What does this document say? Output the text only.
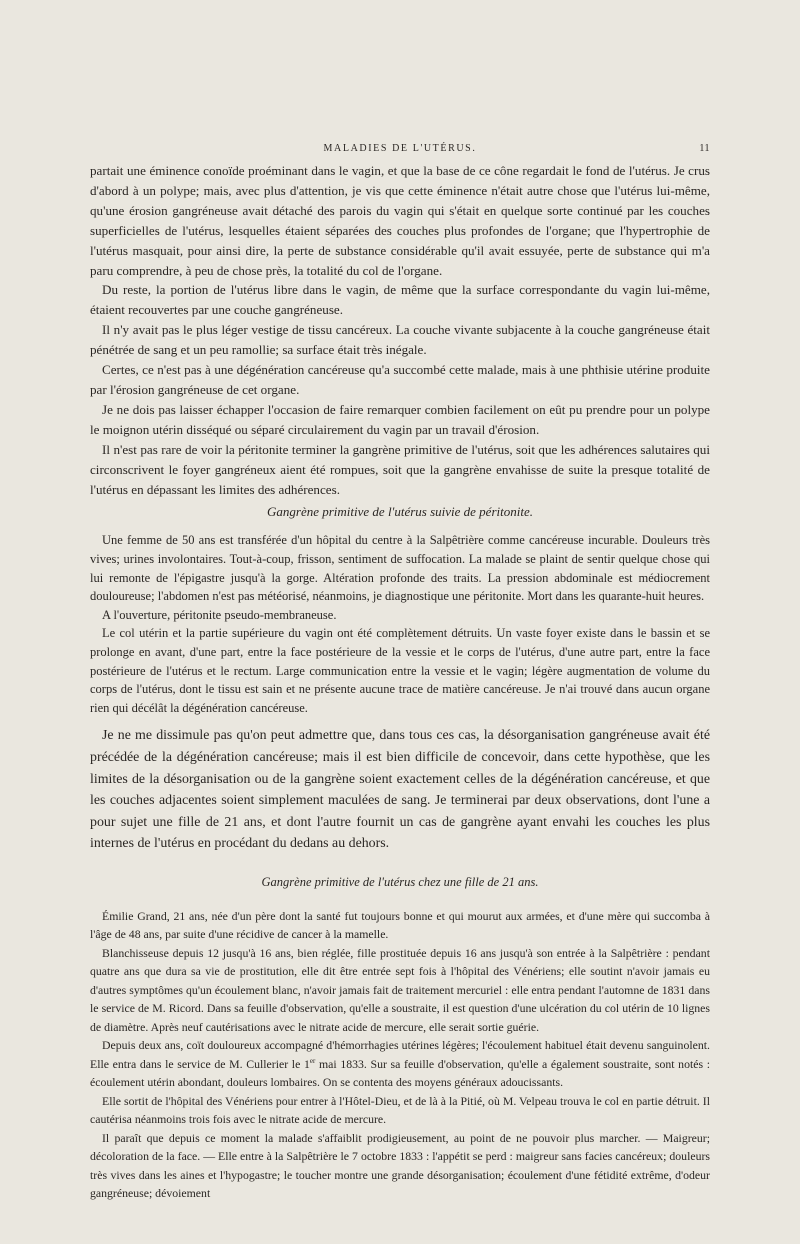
MALADIES DE L'UTÉRUS.	11

partait une éminence conoïde proéminant dans le vagin, et que la base de ce cône regardait le fond de l'utérus. Je crus d'abord à un polype; mais, avec plus d'attention, je vis que cette éminence n'était autre chose que l'utérus lui-même, qu'une érosion gangréneuse avait détaché des parois du vagin qui s'était en quelque sorte continué par les couches superficielles de l'utérus, lesquelles étaient séparées des couches plus profondes de l'organe; que l'hypertrophie de l'utérus masquait, pour ainsi dire, la perte de substance considérable qu'il avait essuyée, perte de substance qui m'a paru comprendre, à peu de chose près, la totalité du col de l'organe.

Du reste, la portion de l'utérus libre dans le vagin, de même que la surface correspondante du vagin lui-même, étaient recouvertes par une couche gangréneuse.

Il n'y avait pas le plus léger vestige de tissu cancéreux. La couche vivante subjacente à la couche gangréneuse était pénétrée de sang et un peu ramollie; sa surface était très inégale.

Certes, ce n'est pas à une dégénération cancéreuse qu'a succombé cette malade, mais à une phthisie utérine produite par l'érosion gangréneuse de cet organe.

Je ne dois pas laisser échapper l'occasion de faire remarquer combien facilement on eût pu prendre pour un polype le moignon utérin disséqué ou séparé circulairement du vagin par un travail d'érosion.

Il n'est pas rare de voir la péritonite terminer la gangrène primitive de l'utérus, soit que les adhérences salutaires qui circonscrivent le foyer gangréneux aient été rompues, soit que la gangrène envahisse de suite la presque totalité de l'utérus en dépassant les limites des adhérences.

Gangrène primitive de l'utérus suivie de péritonite.

Une femme de 50 ans est transférée d'un hôpital du centre à la Salpêtrière comme cancéreuse incurable. Douleurs très vives; urines involontaires. Tout-à-coup, frisson, sentiment de suffocation. La malade se plaint de sentir quelque chose qui lui remonte de l'épigastre jusqu'à la gorge. Altération profonde des traits. La pression abdominale est médiocrement douloureuse; l'abdomen n'est pas météorisé, néanmoins, je diagnostique une péritonite. Mort dans les quarante-huit heures.

A l'ouverture, péritonite pseudo-membraneuse.

Le col utérin et la partie supérieure du vagin ont été complètement détruits. Un vaste foyer existe dans le bassin et se prolonge en avant, d'une part, entre la face postérieure de la vessie et le corps de l'utérus, d'une autre part, entre la face postérieure de l'utérus et le rectum. Large communication entre la vessie et le vagin; légère augmentation de volume du corps de l'utérus, dont le tissu est sain et ne présente aucune trace de matière cancéreuse. Je n'ai trouvé dans aucun organe rien qui décélât la dégénération cancéreuse.

Je ne me dissimule pas qu'on peut admettre que, dans tous ces cas, la désorganisation gangréneuse avait été précédée de la dégénération cancéreuse; mais il est bien difficile de concevoir, dans cette hypothèse, que les limites de la désorganisation ou de la gangrène soient exactement celles de la dégénération cancéreuse, et que les couches adjacentes soient simplement maculées de sang. Je terminerai par deux observations, dont l'une a pour sujet une fille de 21 ans, et dont l'autre fournit un cas de gangrène ayant envahi les couches les plus internes de l'utérus en procédant du dedans au dehors.

Gangrène primitive de l'utérus chez une fille de 21 ans.

Émilie Grand, 21 ans, née d'un père dont la santé fut toujours bonne et qui mourut aux armées, et d'une mère qui succomba à l'âge de 48 ans, par suite d'une récidive de cancer à la mamelle.

Blanchisseuse depuis 12 jusqu'à 16 ans, bien réglée, fille prostituée depuis 16 ans jusqu'à son entrée à la Salpêtrière : pendant quatre ans que dura sa vie de prostitution, elle dit être entrée sept fois à l'hôpital des Vénériens; elle soutint n'avoir jamais eu d'autres symptômes qu'un écoulement blanc, n'avoir jamais fait de traitement mercuriel : elle entra pendant l'automne de 1831 dans le service de M. Ricord. Dans sa feuille d'observation, qu'elle a soustraite, il est question d'une ulcération du col utérin de 10 lignes de diamètre. Après neuf cautérisations avec le nitrate acide de mercure, elle serait sortie guérie.

Depuis deux ans, coït douloureux accompagné d'hémorrhagies utérines légères; l'écoulement habituel était devenu sanguinolent. Elle entra dans le service de M. Cullerier le 1er mai 1833. Sur sa feuille d'observation, qu'elle a également soustraite, sont notés : écoulement utérin abondant, douleurs lombaires. On se contenta des moyens généraux adoucissants.

Elle sortit de l'hôpital des Vénériens pour entrer à l'Hôtel-Dieu, et de là à la Pitié, où M. Velpeau trouva le col en partie détruit. Il cautérisa néanmoins trois fois avec le nitrate acide de mercure.

Il paraît que depuis ce moment la malade s'affaiblit prodigieusement, au point de ne pouvoir plus marcher. — Maigreur; décoloration de la face. — Elle entre à la Salpêtrière le 7 octobre 1833 : l'appétit se perd : maigreur sans facies cancéreux; douleurs très vives dans les aines et l'hypogastre; le toucher montre une grande désorganisation; écoulement d'une fétidité extrême, d'odeur gangréneuse; dévoiement
